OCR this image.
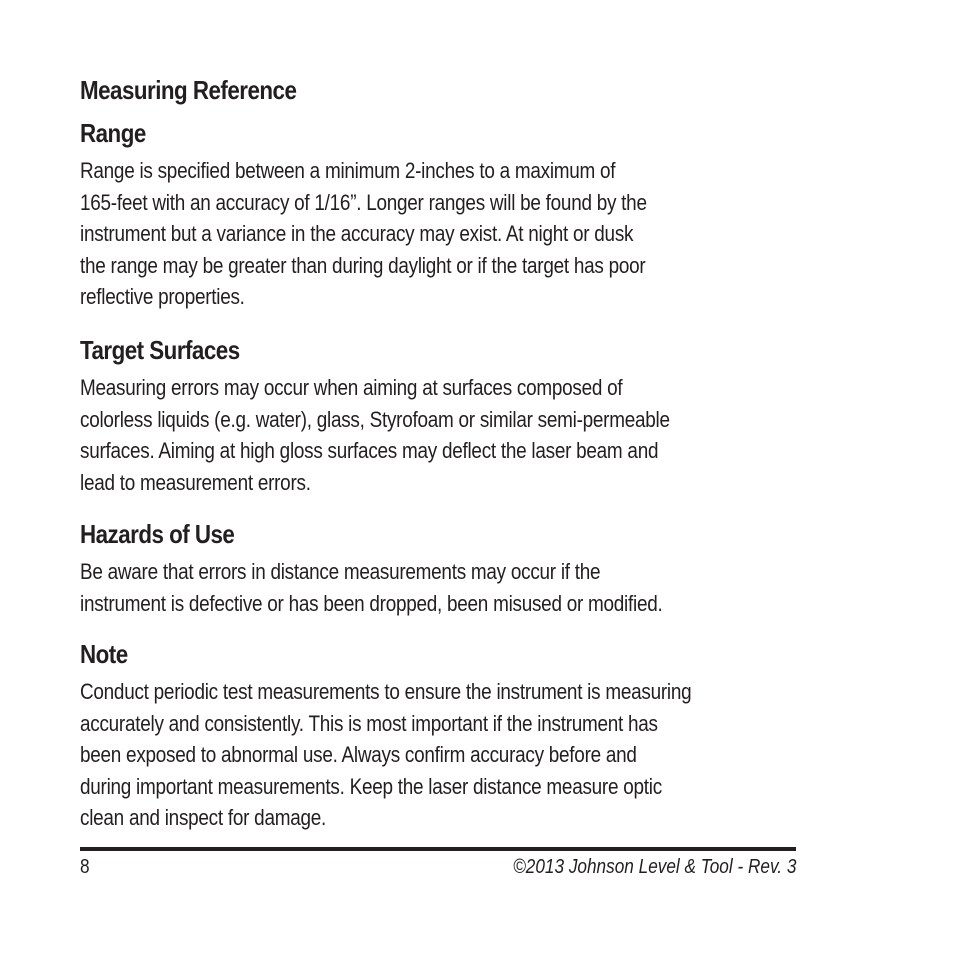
Measuring Reference
Range
Range is specified between a minimum 2-inches to a maximum of
165-feet with an accuracy of 1/16”. Longer ranges will be found by the
instrument but a variance in the accuracy may exist. At night or dusk
the range may be greater than during daylight or if the target has poor
reflective properties.
Target Surfaces
Measuring errors may occur when aiming at surfaces composed of
colorless liquids (e.g. water), glass, Styrofoam or similar semi-permeable
surfaces. Aiming at high gloss surfaces may deflect the laser beam and
lead to measurement errors.
Hazards of Use
Be aware that errors in distance measurements may occur if the
instrument is defective or has been dropped, been misused or modified.
Note
Conduct periodic test measurements to ensure the instrument is measuring
accurately and consistently. This is most important if the instrument has
been exposed to abnormal use. Always confirm accuracy before and
during important measurements. Keep the laser distance measure optic
clean and inspect for damage.
8	©2013 Johnson Level & Tool - Rev. 3
